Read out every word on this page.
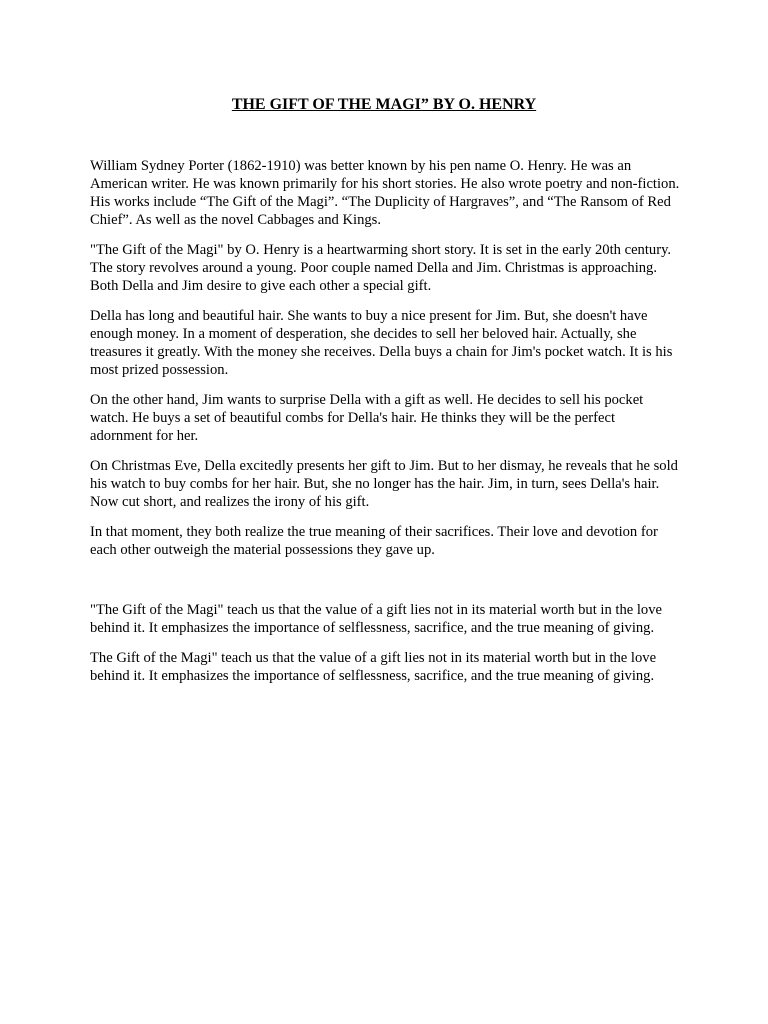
THE GIFT OF THE MAGI” BY O. HENRY

William Sydney Porter (1862-1910) was better known by his pen name O. Henry. He was an American writer. He was known primarily for his short stories. He also wrote poetry and non-fiction. His works include “The Gift of the Magi”. “The Duplicity of Hargraves”, and “The Ransom of Red Chief”. As well as the novel Cabbages and Kings.

"The Gift of the Magi" by O. Henry is a heartwarming short story. It is set in the early 20th century. The story revolves around a young. Poor couple named Della and Jim. Christmas is approaching. Both Della and Jim desire to give each other a special gift.

Della has long and beautiful hair. She wants to buy a nice present for Jim. But, she doesn't have enough money. In a moment of desperation, she decides to sell her beloved hair. Actually, she treasures it greatly. With the money she receives. Della buys a chain for Jim's pocket watch. It is his most prized possession.

On the other hand, Jim wants to surprise Della with a gift as well. He decides to sell his pocket watch. He buys a set of beautiful combs for Della's hair. He thinks they will be the perfect adornment for her.

On Christmas Eve, Della excitedly presents her gift to Jim. But to her dismay, he reveals that he sold his watch to buy combs for her hair. But, she no longer has the hair. Jim, in turn, sees Della's hair. Now cut short, and realizes the irony of his gift.

In that moment, they both realize the true meaning of their sacrifices. Their love and devotion for each other outweigh the material possessions they gave up.

"The Gift of the Magi" teach us that the value of a gift lies not in its material worth but in the love behind it. It emphasizes the importance of selflessness, sacrifice, and the true meaning of giving.

The Gift of the Magi" teach us that the value of a gift lies not in its material worth but in the love behind it. It emphasizes the importance of selflessness, sacrifice, and the true meaning of giving.
